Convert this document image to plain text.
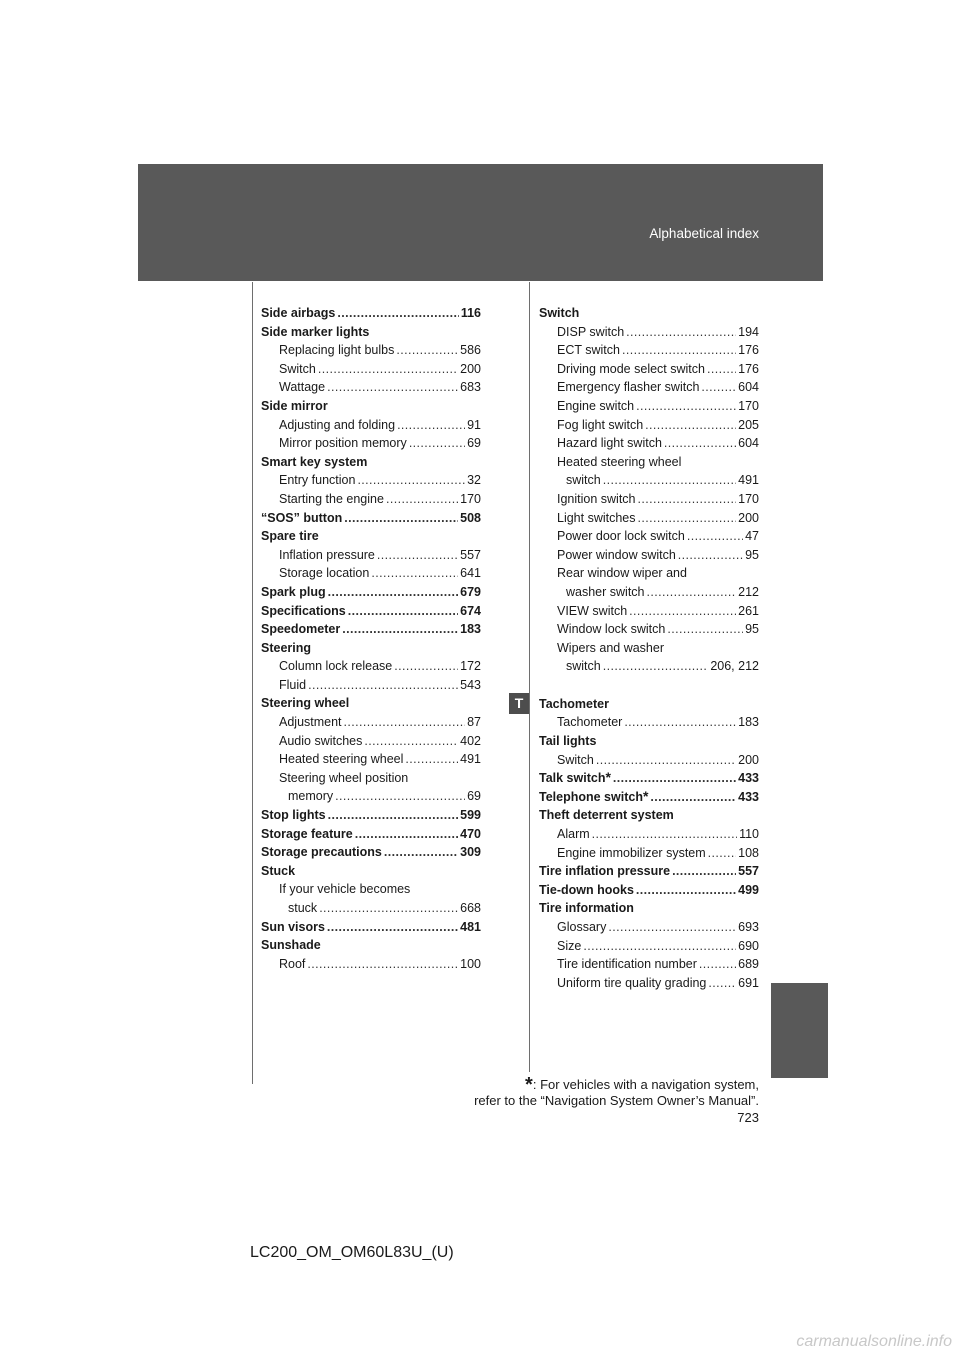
Alphabetical index
Side airbags .....	116
Side marker lights
Replacing light bulbs .....	586
Switch .....	200
Wattage .....	683
Side mirror
Adjusting and folding .....	91
Mirror position memory .....	69
Smart key system
Entry function .....	32
Starting the engine .....	170
“SOS” button .....	508
Spare tire
Inflation pressure .....	557
Storage location .....	641
Spark plug .....	679
Specifications .....	674
Speedometer .....	183
Steering
Column lock release .....	172
Fluid .....	543
Steering wheel
Adjustment .....	87
Audio switches .....	402
Heated steering wheel .....	491
Steering wheel position
memory .....	69
Stop lights .....	599
Storage feature .....	470
Storage precautions .....	309
Stuck
If your vehicle becomes
stuck .....	668
Sun visors .....	481
Sunshade
Roof .....	100
Switch
DISP switch .....	194
ECT switch .....	176
Driving mode select switch .....	176
Emergency flasher switch .....	604
Engine switch .....	170
Fog light switch .....	205
Hazard light switch .....	604
Heated steering wheel
switch .....	491
Ignition switch .....	170
Light switches .....	200
Power door lock switch .....	47
Power window switch .....	95
Rear window wiper and
washer switch .....	212
VIEW switch .....	261
Window lock switch .....	95
Wipers and washer
switch .....	206, 212
Tachometer
Tachometer .....	183
Tail lights
Switch .....	200
Talk switch * .....	433
Telephone switch * .....	433
Theft deterrent system
Alarm .....	110
Engine immobilizer system .....	108
Tire inflation pressure .....	557
Tie-down hooks .....	499
Tire information
Glossary .....	693
Size .....	690
Tire identification number .....	689
Uniform tire quality grading .....	691
T
*: For vehicles with a navigation system,
refer to the “Navigation System Owner’s Manual”.
723
LC200_OM_OM60L83U_(U)
carmanualsonline.info
